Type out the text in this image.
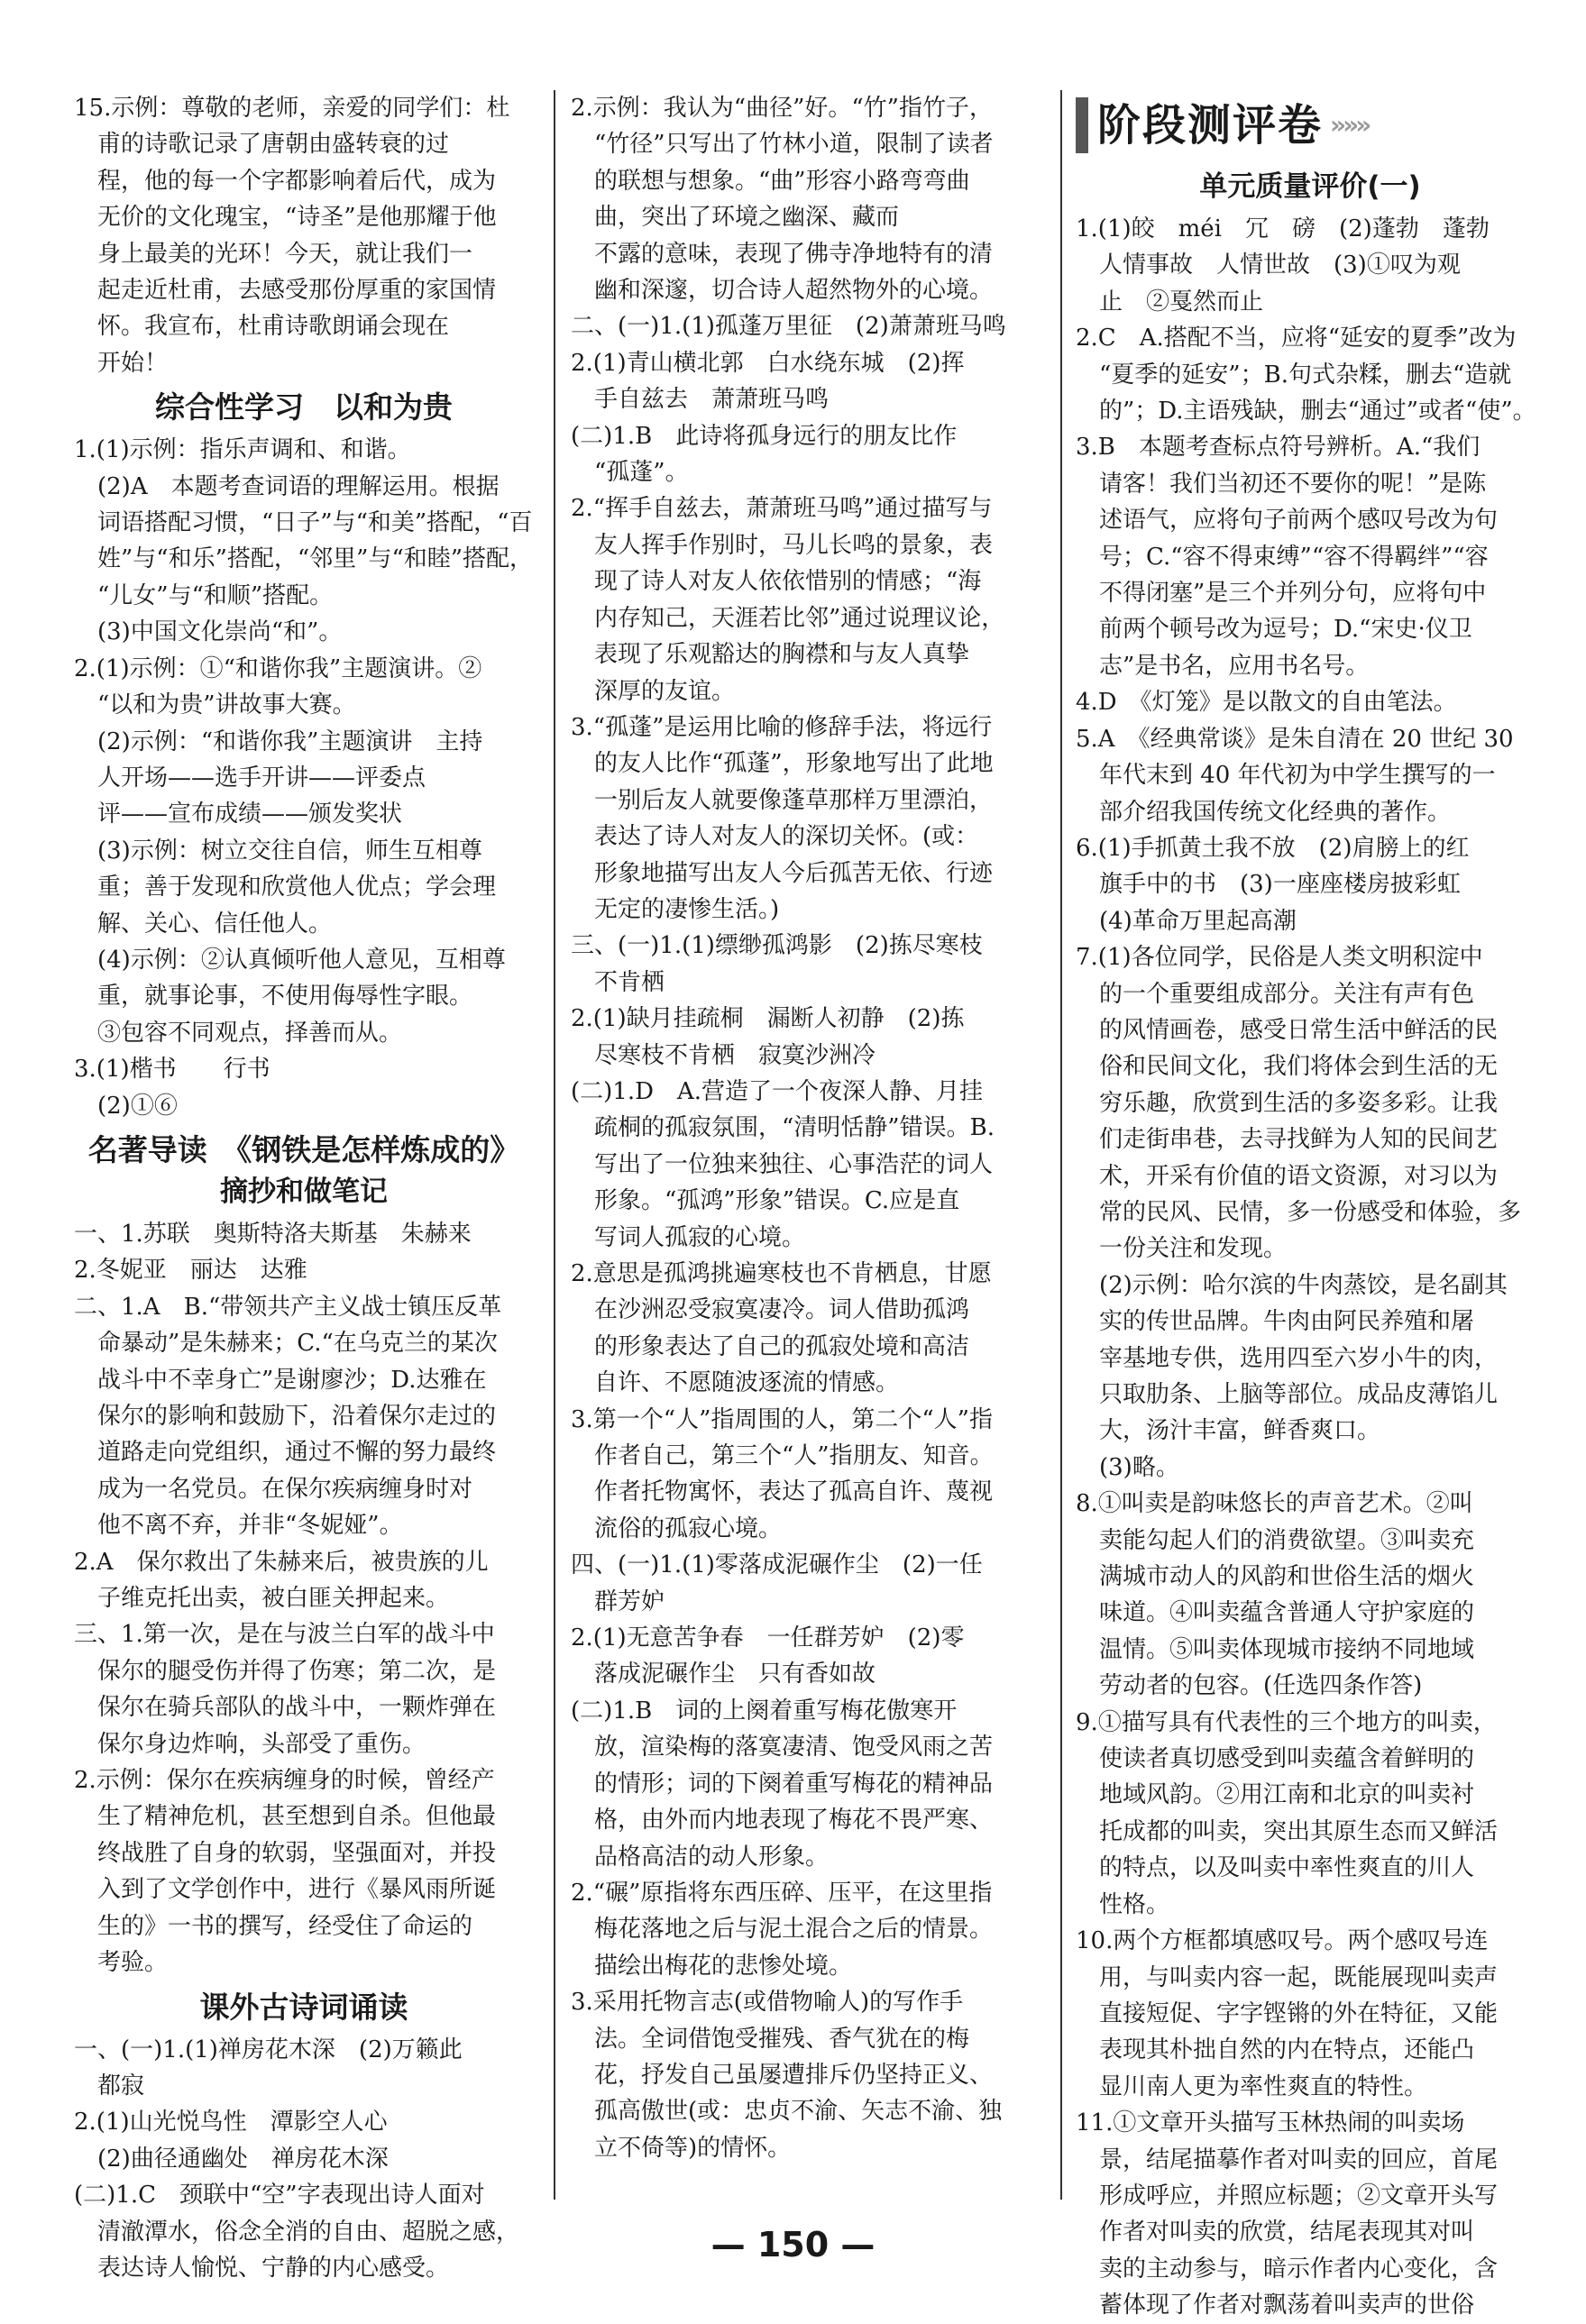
15.示例：尊敬的老师，亲爱的同学们：杜

　甫的诗歌记录了唐朝由盛转衰的过

　程，他的每一个字都影响着后代，成为

　无价的文化瑰宝，“诗圣”是他那耀于他

　身上最美的光环！今天，就让我们一

　起走近杜甫，去感受那份厚重的家国情

　怀。我宣布，杜甫诗歌朗诵会现在

　开始！

综合性学习　以和为贵

1.(1)示例：指乐声调和、和谐。

　(2)A　本题考查词语的理解运用。根据

　词语搭配习惯，“日子”与“和美”搭配，“百

　姓”与“和乐”搭配，“邻里”与“和睦”搭配，

　“儿女”与“和顺”搭配。

　(3)中国文化崇尚“和”。

2.(1)示例：①“和谐你我”主题演讲。②

　“以和为贵”讲故事大赛。

　(2)示例：“和谐你我”主题演讲　主持

　人开场——选手开讲——评委点

　评——宣布成绩——颁发奖状

　(3)示例：树立交往自信，师生互相尊

　重；善于发现和欣赏他人优点；学会理

　解、关心、信任他人。

　(4)示例：②认真倾听他人意见，互相尊

　重，就事论事，不使用侮辱性字眼。

　③包容不同观点，择善而从。

3.(1)楷书　　行书

　(2)①⑥

名著导读　《钢铁是怎样炼成的》
摘抄和做笔记

一、1.苏联　奥斯特洛夫斯基　朱赫来

2.冬妮亚　丽达　达雅

二、1.A　B.“带领共产主义战士镇压反革

　命暴动”是朱赫来；C.“在乌克兰的某次

　战斗中不幸身亡”是谢廖沙；D.达雅在

　保尔的影响和鼓励下，沿着保尔走过的

　道路走向党组织，通过不懈的努力最终

　成为一名党员。在保尔疾病缠身时对

　他不离不弃，并非“冬妮娅”。

2.A　保尔救出了朱赫来后，被贵族的儿

　子维克托出卖，被白匪关押起来。

三、1.第一次，是在与波兰白军的战斗中

　保尔的腿受伤并得了伤寒；第二次，是

　保尔在骑兵部队的战斗中，一颗炸弹在

　保尔身边炸响，头部受了重伤。

2.示例：保尔在疾病缠身的时候，曾经产

　生了精神危机，甚至想到自杀。但他最

　终战胜了自身的软弱，坚强面对，并投

　入到了文学创作中，进行《暴风雨所诞

　生的》一书的撰写，经受住了命运的

　考验。

课外古诗词诵读

一、(一)1.(1)禅房花木深　(2)万籁此

　都寂

2.(1)山光悦鸟性　潭影空人心

　(2)曲径通幽处　禅房花木深

(二)1.C　颈联中“空”字表现出诗人面对

　清澈潭水，俗念全消的自由、超脱之感，

　表达诗人愉悦、宁静的内心感受。

2.示例：我认为“曲径”好。“竹”指竹子，

　“竹径”只写出了竹林小道，限制了读者

　的联想与想象。“曲”形容小路弯弯曲

　曲，突出了环境之幽深、藏而

　不露的意味，表现了佛寺净地特有的清

　幽和深邃，切合诗人超然物外的心境。

二、(一)1.(1)孤蓬万里征　(2)萧萧班马鸣

2.(1)青山横北郭　白水绕东城　(2)挥

　手自兹去　萧萧班马鸣

(二)1.B　此诗将孤身远行的朋友比作

　“孤蓬”。

2.“挥手自兹去，萧萧班马鸣”通过描写与

　友人挥手作别时，马儿长鸣的景象，表

　现了诗人对友人依依惜别的情感；“海

　内存知己，天涯若比邻”通过说理议论，

　表现了乐观豁达的胸襟和与友人真挚

　深厚的友谊。

3.“孤蓬”是运用比喻的修辞手法，将远行

　的友人比作“孤蓬”，形象地写出了此地

　一别后友人就要像蓬草那样万里漂泊，

　表达了诗人对友人的深切关怀。(或：

　形象地描写出友人今后孤苦无依、行迹

　无定的凄惨生活。)

三、(一)1.(1)缥缈孤鸿影　(2)拣尽寒枝

　不肯栖

2.(1)缺月挂疏桐　漏断人初静　(2)拣

　尽寒枝不肯栖　寂寞沙洲冷

(二)1.D　A.营造了一个夜深人静、月挂

　疏桐的孤寂氛围，“清明恬静”错误。B.

　写出了一位独来独往、心事浩茫的词人

　形象。“孤鸿”形象”错误。C.应是直

　写词人孤寂的心境。

2.意思是孤鸿挑遍寒枝也不肯栖息，甘愿

　在沙洲忍受寂寞凄冷。词人借助孤鸿

　的形象表达了自己的孤寂处境和高洁

　自许、不愿随波逐流的情感。

3.第一个“人”指周围的人，第二个“人”指

　作者自己，第三个“人”指朋友、知音。

　作者托物寓怀，表达了孤高自许、蔑视

　流俗的孤寂心境。

四、(一)1.(1)零落成泥碾作尘　(2)一任

　群芳妒

2.(1)无意苦争春　一任群芳妒　(2)零

　落成泥碾作尘　只有香如故

(二)1.B　词的上阕着重写梅花傲寒开

　放，渲染梅的落寞凄清、饱受风雨之苦

　的情形；词的下阕着重写梅花的精神品

　格，由外而内地表现了梅花不畏严寒、

　品格高洁的动人形象。

2.“碾”原指将东西压碎、压平，在这里指

　梅花落地之后与泥土混合之后的情景。

　描绘出梅花的悲惨处境。

3.采用托物言志(或借物喻人)的写作手

　法。全词借饱受摧残、香气犹在的梅

　花，抒发自己虽屡遭排斥仍坚持正义、

　孤高傲世(或：忠贞不渝、矢志不渝、独

　立不倚等)的情怀。

阶段测评卷 »»»
单元质量评价(一)

1.(1)皎　méi　冗　磅　(2)蓬勃　蓬勃

　人情事故　人情世故　(3)①叹为观

　止　②戛然而止

2.C　A.搭配不当，应将“延安的夏季”改为

　“夏季的延安”；B.句式杂糅，删去“造就

　的”；D.主语残缺，删去“通过”或者“使”。

3.B　本题考查标点符号辨析。A.“我们

　请客！我们当初还不要你的呢！”是陈

　述语气，应将句子前两个感叹号改为句

　号；C.“容不得束缚”“容不得羁绊”“容

　不得闭塞”是三个并列分句，应将句中

　前两个顿号改为逗号；D.“宋史·仪卫

　志”是书名，应用书名号。

4.D　《灯笼》是以散文的自由笔法。

5.A　《经典常谈》是朱自清在 20 世纪 30

　年代末到 40 年代初为中学生撰写的一

　部介绍我国传统文化经典的著作。

6.(1)手抓黄土我不放　(2)肩膀上的红

　旗手中的书　(3)一座座楼房披彩虹

　(4)革命万里起高潮

7.(1)各位同学，民俗是人类文明积淀中

　的一个重要组成部分。关注有声有色

　的风情画卷，感受日常生活中鲜活的民

　俗和民间文化，我们将体会到生活的无

　穷乐趣，欣赏到生活的多姿多彩。让我

　们走街串巷，去寻找鲜为人知的民间艺

　术，开采有价值的语文资源，对习以为

　常的民风、民情，多一份感受和体验，多

　一份关注和发现。

　(2)示例：哈尔滨的牛肉蒸饺，是名副其

　实的传世品牌。牛肉由阿民养殖和屠

　宰基地专供，选用四至六岁小牛的肉，

　只取肋条、上脑等部位。成品皮薄馅儿

　大，汤汁丰富，鲜香爽口。

　(3)略。

8.①叫卖是韵味悠长的声音艺术。②叫

　卖能勾起人们的消费欲望。③叫卖充

　满城市动人的风韵和世俗生活的烟火

　味道。④叫卖蕴含普通人守护家庭的

　温情。⑤叫卖体现城市接纳不同地域

　劳动者的包容。(任选四条作答)

9.①描写具有代表性的三个地方的叫卖，

　使读者真切感受到叫卖蕴含着鲜明的

　地域风韵。②用江南和北京的叫卖衬

　托成都的叫卖，突出其原生态而又鲜活

　的特点，以及叫卖中率性爽直的川人

　性格。

10.两个方框都填感叹号。两个感叹号连

　用，与叫卖内容一起，既能展现叫卖声

　直接短促、字字铿锵的外在特征，又能

　表现其朴拙自然的内在特点，还能凸

　显川南人更为率性爽直的特性。

11.①文章开头描写玉林热闹的叫卖场

　景，结尾描摹作者对叫卖的回应，首尾

　形成呼应，并照应标题；②文章开头写

　作者对叫卖的欣赏，结尾表现其对叫

　卖的主动参与，暗示作者内心变化，含

　蓄体现了作者对飘荡着叫卖声的世俗

— 150 —
